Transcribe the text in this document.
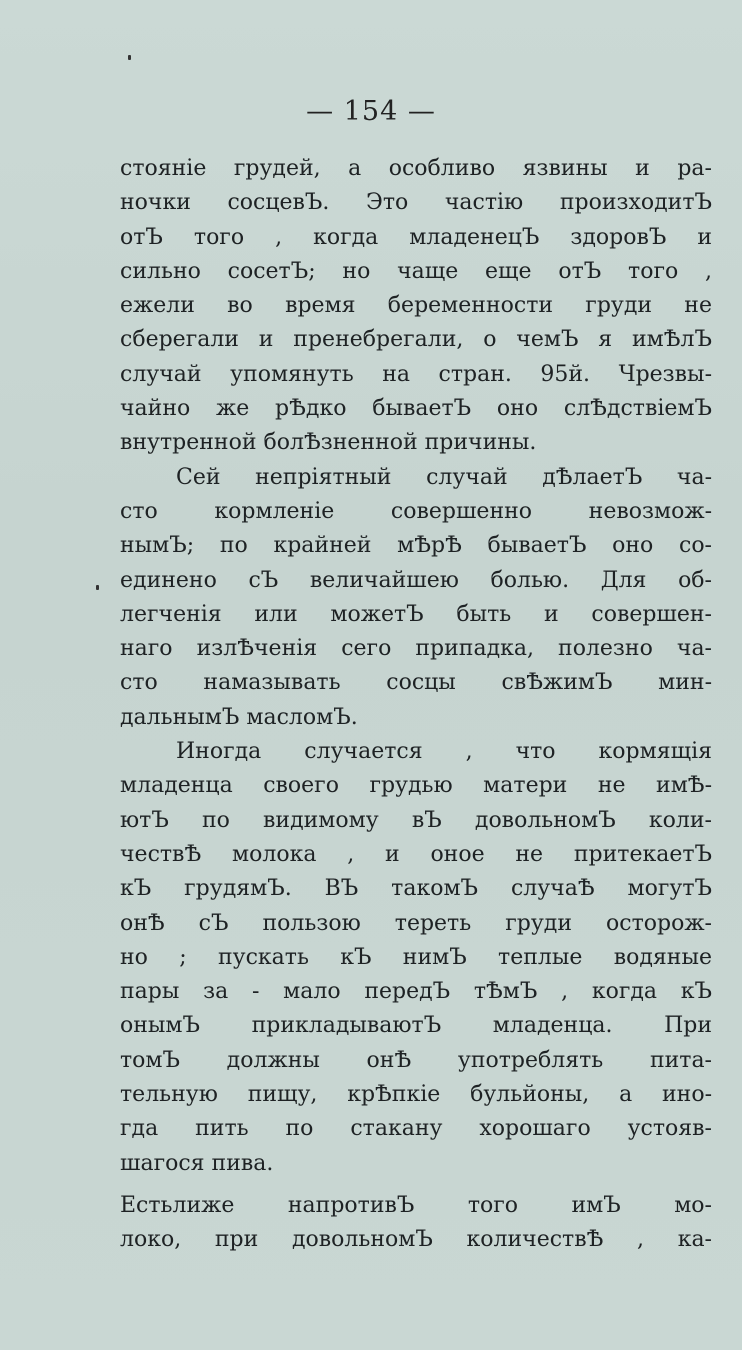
— 154 —
стояніе грудей, а особливо язвины и ра-
ночки сосцевЪ. Это частію произходитЪ
отЪ того , когда младенецЪ здоровЪ и
сильно сосетЪ; но чаще еще отЪ того ,
ежели во время беременности груди не
сберегали и пренебрегали, о чемЪ я имѢлЪ
случай упомянуть на стран. 95й. Чрезвы-
чайно же рѢдко бываетЪ оно слѢдствіемЪ
внутренной болѢзненной причины.
Сей непріятный случай дѢлаетЪ ча-
сто кормленіе совершенно невозмож-
нымЪ; по крайней мѢрѢ бываетЪ оно со-
единено сЪ величайшею болью. Для об-
легченія или можетЪ быть и совершен-
наго излѢченія сего припадка, полезно ча-
сто намазывать сосцы свѢжимЪ мин-
дальнымЪ масломЪ.
Иногда случается , что кормящія
младенца своего грудью матери не имѢ-
ютЪ по видимому вЪ довольномЪ коли-
чествѢ молока , и оное не притекаетЪ
кЪ грудямЪ. ВЪ такомЪ случаѢ могутЪ
онѢ сЪ пользою тереть груди осторож-
но ; пускать кЪ нимЪ теплые водяные
пары за - мало передЪ тѢмЪ , когда кЪ
онымЪ прикладываютЪ младенца. При
томЪ должны онѢ употреблять пита-
тельную пищу, крѢпкіе бульйоны, а ино-
гда пить по стакану хорошаго устояв-
шагося пива.
Естьлиже напротивЪ того имЪ мо-
локо, при довольномЪ количествѢ , ка-
